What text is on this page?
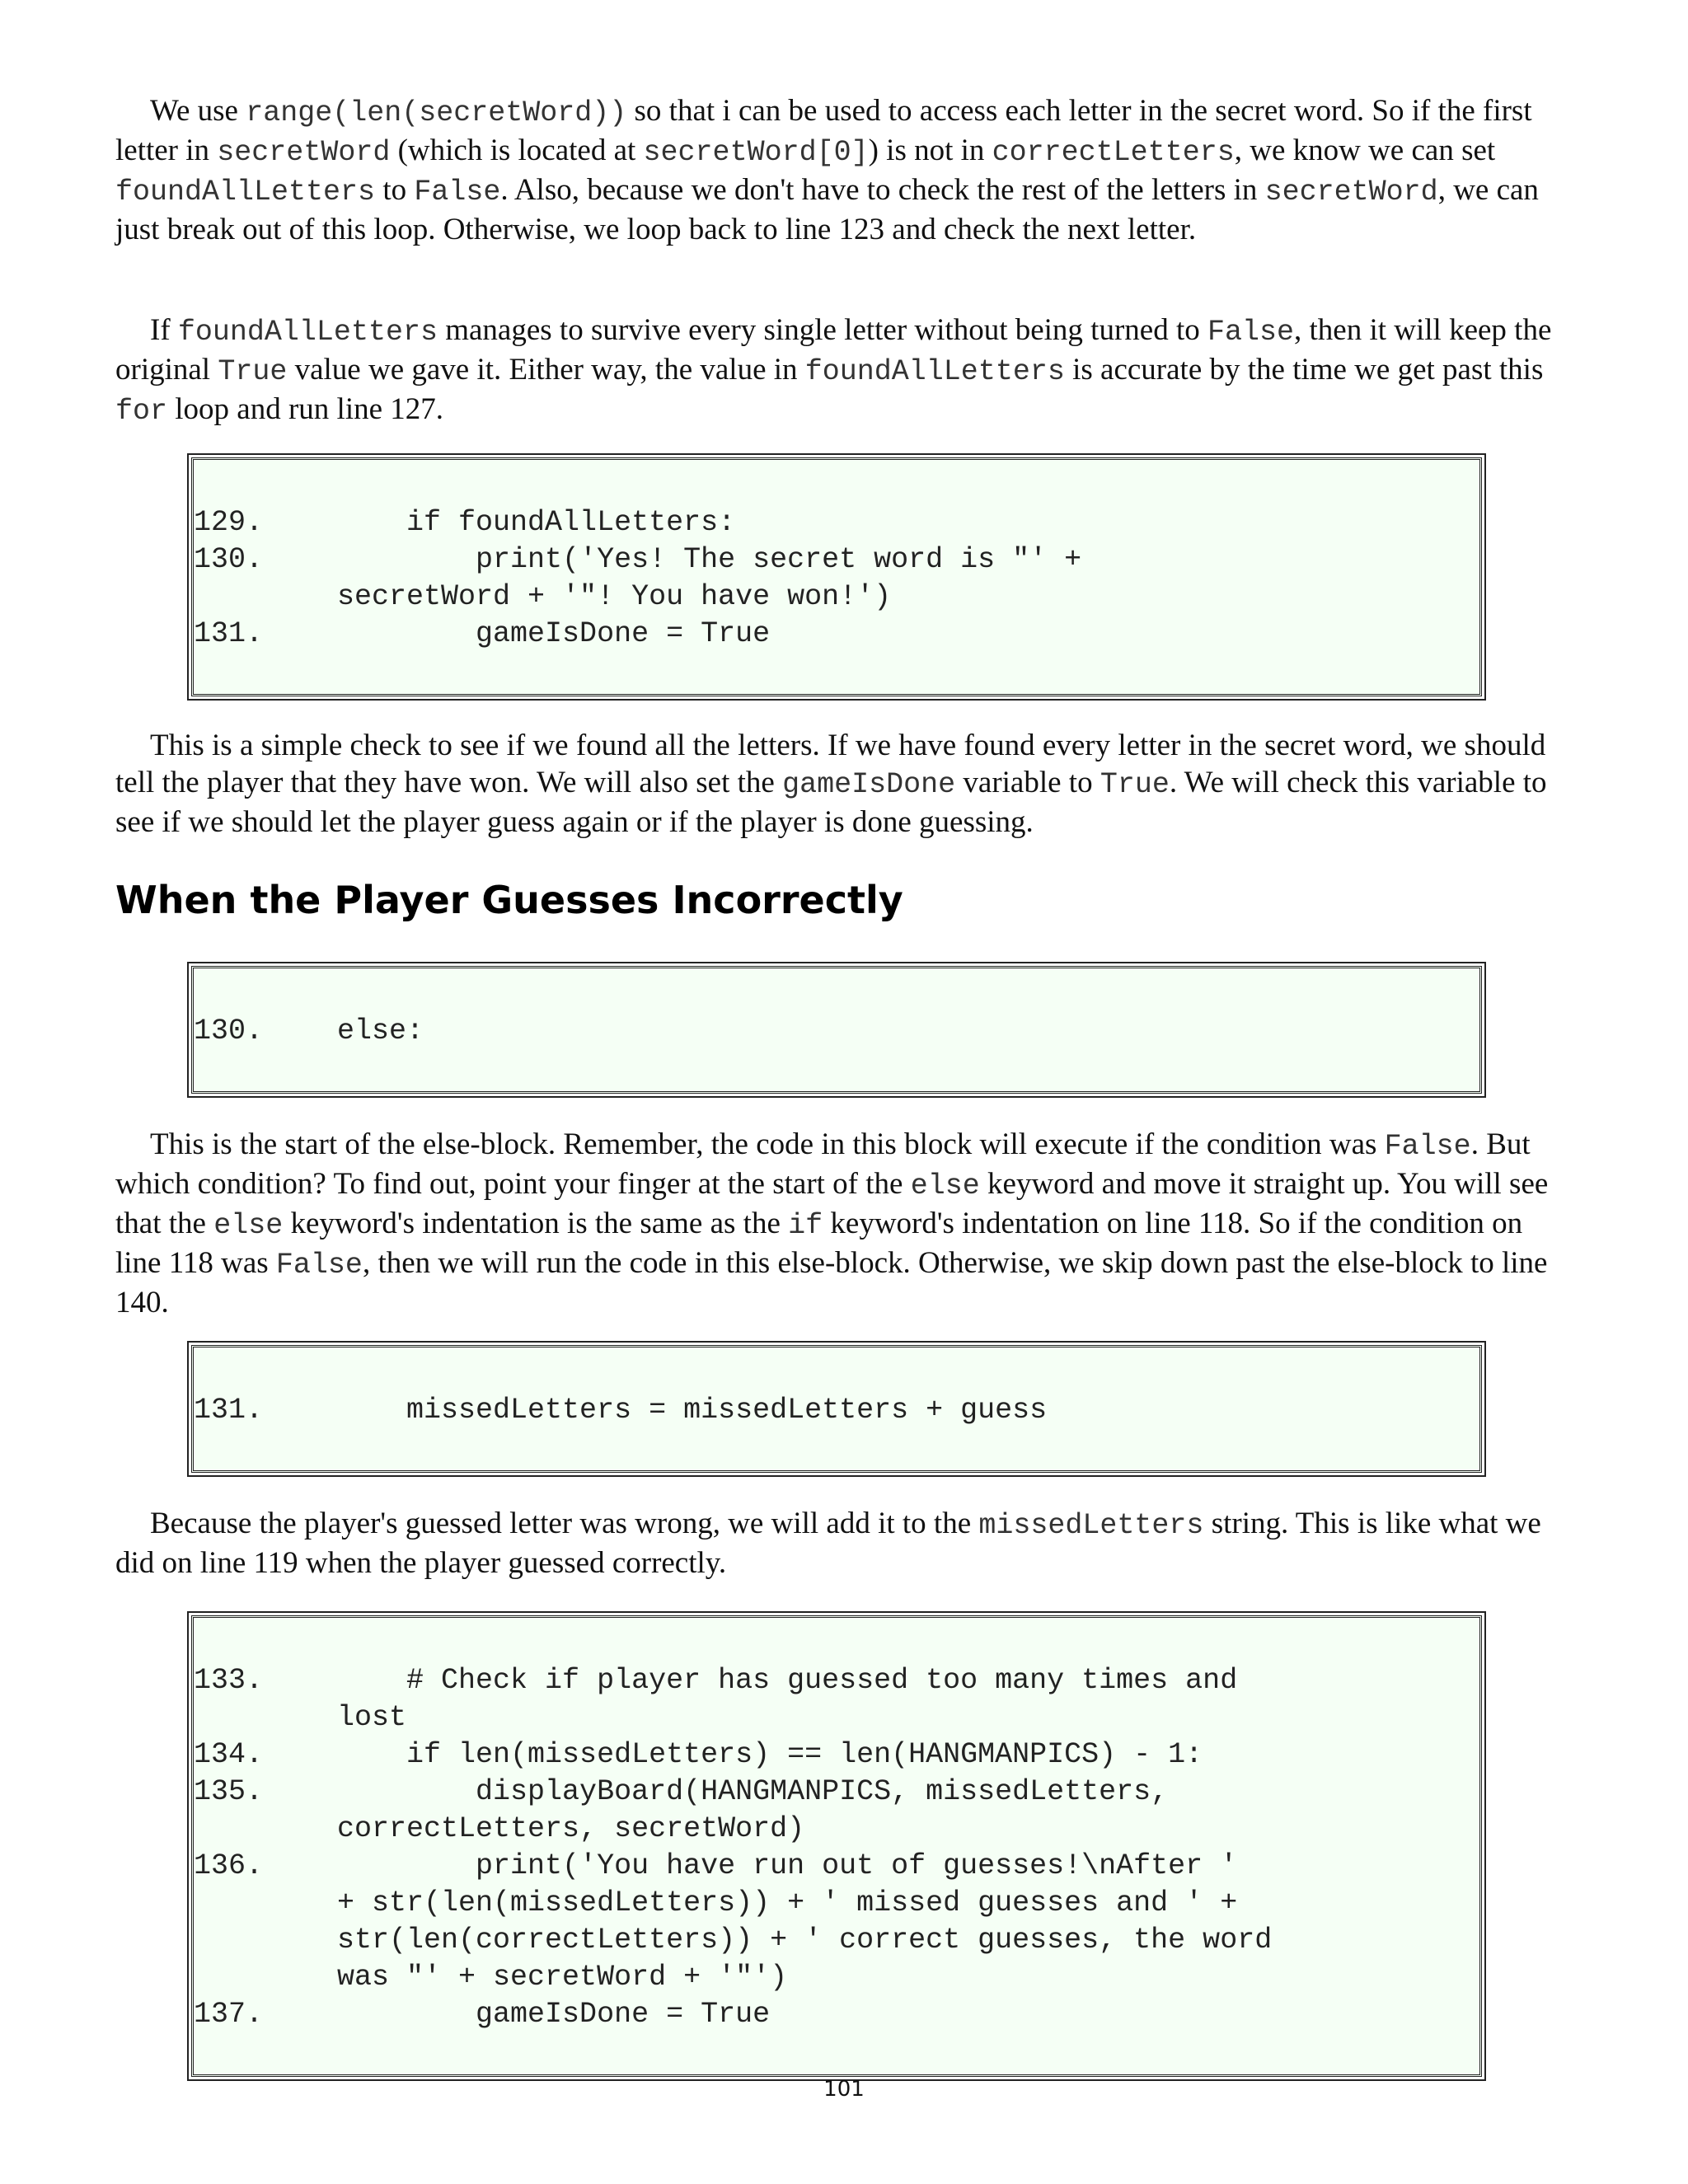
We use range(len(secretWord)) so that i can be used to access each letter in the secret word. So if the first letter in secretWord (which is located at secretWord[0]) is not in correctLetters, we know we can set foundAllLetters to False. Also, because we don't have to check the rest of the letters in secretWord, we can just break out of this loop. Otherwise, we loop back to line 123 and check the next letter.

If foundAllLetters manages to survive every single letter without being turned to False, then it will keep the original True value we gave it. Either way, the value in foundAllLetters is accurate by the time we get past this for loop and run line 127.

129. if foundAllLetters:
130. print('Yes! The secret word is "' +
secretWord + '"! You have won!')
131. gameIsDone = True

This is a simple check to see if we found all the letters. If we have found every letter in the secret word, we should tell the player that they have won. We will also set the gameIsDone variable to True. We will check this variable to see if we should let the player guess again or if the player is done guessing.

When the Player Guesses Incorrectly
130. else:

This is the start of the else-block. Remember, the code in this block will execute if the condition was False. But which condition? To find out, point your finger at the start of the else keyword and move it straight up. You will see that the else keyword's indentation is the same as the if keyword's indentation on line 118. So if the condition on line 118 was False, then we will run the code in this else-block. Otherwise, we skip down past the else-block to line 140.

131. missedLetters = missedLetters + guess

Because the player's guessed letter was wrong, we will add it to the missedLetters string. This is like what we did on line 119 when the player guessed correctly.

133. # Check if player has guessed too many times and
lost
134. if len(missedLetters) == len(HANGMANPICS) - 1:
135. displayBoard(HANGMANPICS, missedLetters,
correctLetters, secretWord)
136. print('You have run out of guesses!\nAfter '
+ str(len(missedLetters)) + ' missed guesses and ' +
str(len(correctLetters)) + ' correct guesses, the word
was "' + secretWord + '"')
137. gameIsDone = True
101
